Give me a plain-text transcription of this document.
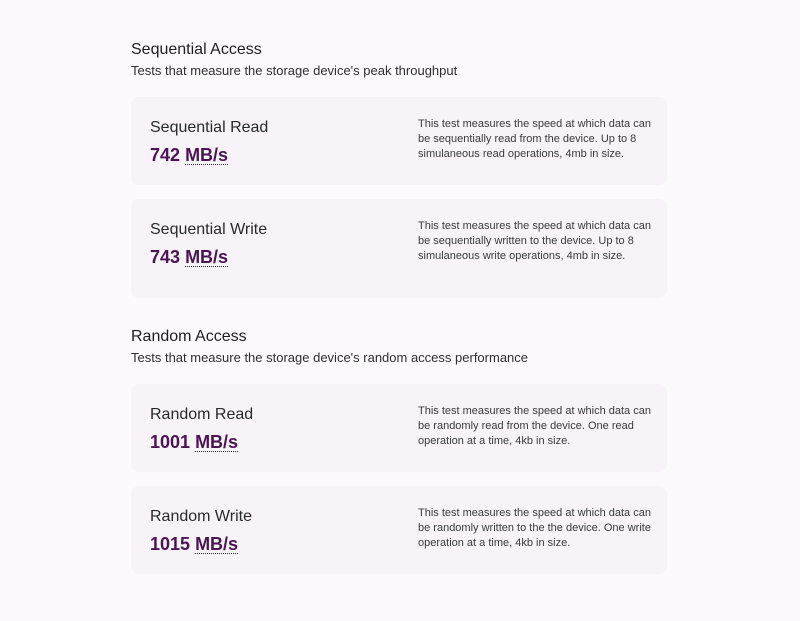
Sequential Access

Tests that measure the storage device's peak throughput

Sequential Read
742 MB/s
This test measures the speed at which data can be sequentially read from the device. Up to 8 simulaneous read operations, 4mb in size.
Sequential Write
743 MB/s
This test measures the speed at which data can be sequentially written to the device. Up to 8 simulaneous write operations, 4mb in size.
Random Access

Tests that measure the storage device's random access performance

Random Read
1001 MB/s
This test measures the speed at which data can be randomly read from the device. One read operation at a time, 4kb in size.
Random Write
1015 MB/s
This test measures the speed at which data can be randomly written to the the device. One write operation at a time, 4kb in size.
